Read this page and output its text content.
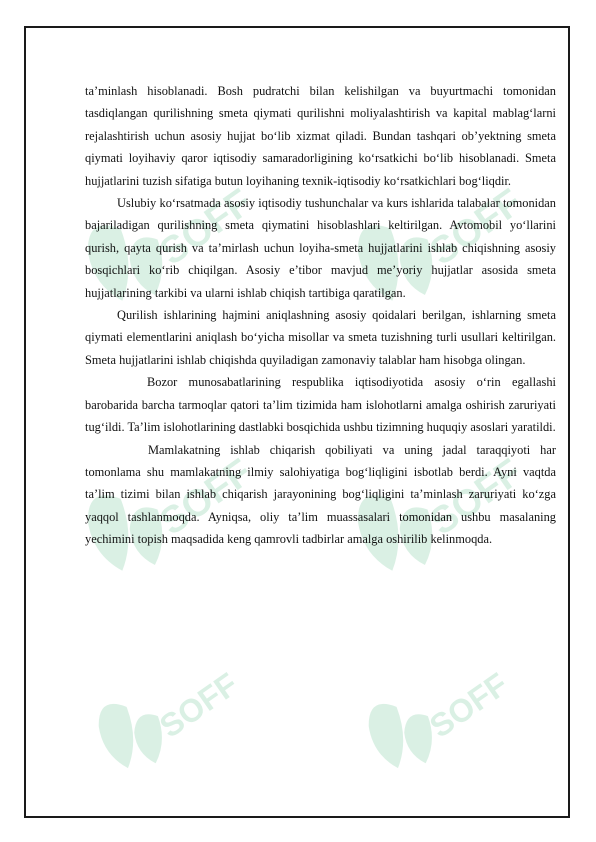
SOFF	SOFF
SOFF	SOFF
SOFF	SOFF

ta’minlash hisoblanadi. Bosh pudratchi bilan kelishilgan va buyurtmachi tomonidan tasdiqlangan qurilishning smeta qiymati qurilishni moliyalashtirish va kapital mablag‘larni rejalashtirish uchun asosiy hujjat bo‘lib xizmat qiladi. Bundan tashqari ob’yektning smeta qiymati loyihaviy qaror iqtisodiy samaradorligining ko‘rsatkichi bo‘lib hisoblanadi. Smeta hujjatlarini tuzish sifatiga butun loyihaning texnik-iqtisodiy ko‘rsatkichlari bog‘liqdir.

Uslubiy ko‘rsatmada asosiy iqtisodiy tushunchalar va kurs ishlarida talabalar tomonidan bajariladigan qurilishning smeta qiymatini hisoblashlari keltirilgan. Avtomobil yo‘llarini qurish, qayta qurish va ta’mirlash uchun loyiha-smeta hujjatlarini ishlab chiqishning asosiy bosqichlari ko‘rib chiqilgan. Asosiy e’tibor mavjud me’yoriy hujjatlar asosida smeta hujjatlarining tarkibi va ularni ishlab chiqish tartibiga qaratilgan.

Qurilish ishlarining hajmini aniqlashning asosiy qoidalari berilgan, ishlarning smeta qiymati elementlarini aniqlash bo‘yicha misollar va smeta tuzishning turli usullari keltirilgan. Smeta hujjatlarini ishlab chiqishda quyiladigan zamonaviy talablar ham hisobga olingan.

Bozor munosabatlarining respublika iqtisodiyotida asosiy o‘rin egallashi barobarida barcha tarmoqlar qatori ta’lim tizimida ham islohotlarni amalga oshirish zaruriyati tug‘ildi. Ta’lim islohotlarining dastlabki bosqichida ushbu tizimning huquqiy asoslari yaratildi.

Mamlakatning ishlab chiqarish qobiliyati va uning jadal taraqqiyoti har tomonlama shu mamlakatning ilmiy salohiyatiga bog‘liqligini isbotlab berdi. Ayni vaqtda ta’lim tizimi bilan ishlab chiqarish jarayonining bog‘liqligini ta’minlash zaruriyati ko‘zga yaqqol tashlanmoqda. Ayniqsa, oliy ta’lim muassasalari tomonidan ushbu masalaning yechimini topish maqsadida keng qamrovli tadbirlar amalga oshirilib kelinmoqda.
